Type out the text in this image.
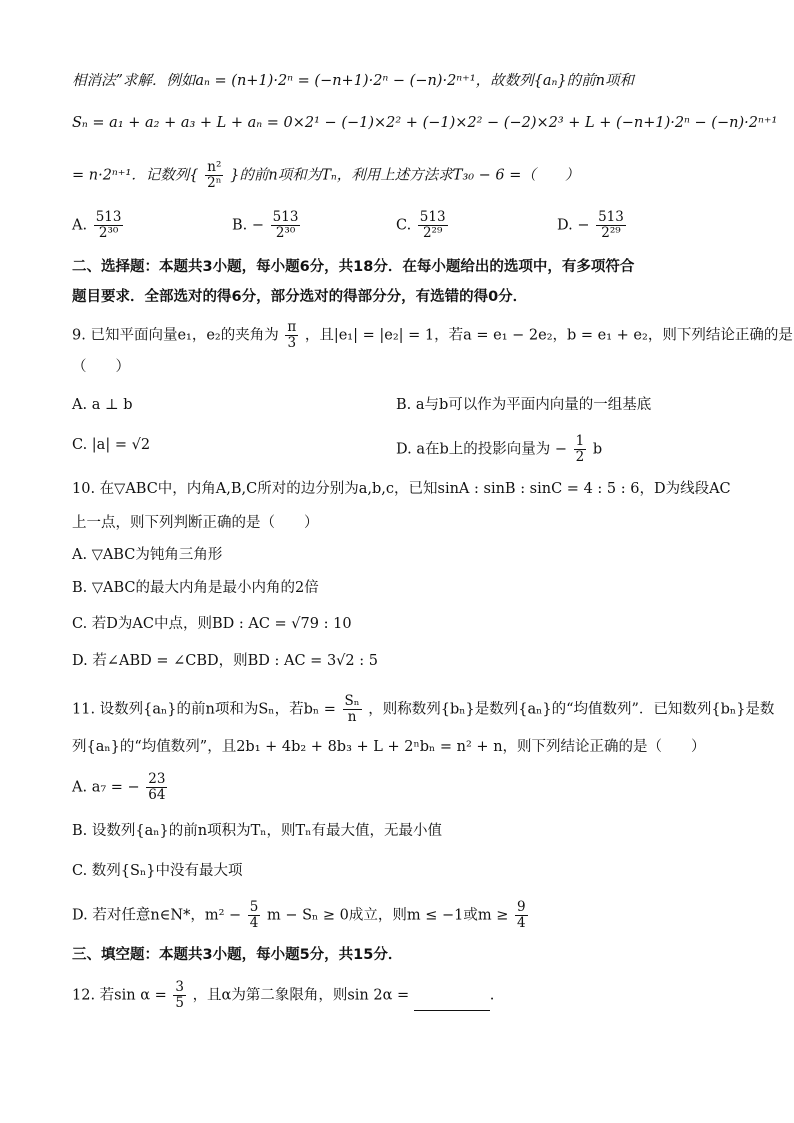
相消法”求解．例如aₙ = (n+1)·2ⁿ = (−n+1)·2ⁿ − (−n)·2ⁿ⁺¹，故数列{aₙ}的前n项和
Sₙ = a₁ + a₂ + a₃ + L + aₙ = 0×2¹ − (−1)×2² + (−1)×2² − (−2)×2³ + L + (−n+1)·2ⁿ − (−n)·2ⁿ⁺¹
= n·2ⁿ⁺¹．记数列{ $\frac{\text{n²}}{\text{2ⁿ}}$ }的前n项和为Tₙ，利用上述方法求T₃₀ − 6 =（　　）
A. $\frac{513}{\text{2³⁰}}$	B. − $\frac{513}{\text{2³⁰}}$	C. $\frac{513}{\text{2²⁹}}$	D. − $\frac{513}{\text{2²⁹}}$
二、选择题：本题共3小题，每小题6分，共18分．在每小题给出的选项中，有多项符合
题目要求．全部选对的得6分，部分选对的得部分分，有选错的得0分．
9. 已知平面向量e₁，e₂的夹角为 $\frac{\pi}{3}$ ，且|e₁| = |e₂| = 1，若a = e₁ − 2e₂，b = e₁ + e₂，则下列结论正确的是
（　　）
A. a ⊥ b	B. a与b可以作为平面内向量的一组基底
C. |a| = √2	D. a在b上的投影向量为 − $\frac{1}{2}$ b
10. 在▽ABC中，内角A,B,C所对的边分别为a,b,c，已知sinA : sinB : sinC = 4 : 5 : 6，D为线段AC
上一点，则下列判断正确的是（　　）
A. ▽ABC为钝角三角形
B. ▽ABC的最大内角是最小内角的2倍
C. 若D为AC中点，则BD : AC = √79 : 10
D. 若∠ABD = ∠CBD，则BD : AC = 3√2 : 5
11. 设数列{aₙ}的前n项和为Sₙ，若$b_n = \frac{\text{Sₙ}}{n}$ ，则称数列{bₙ}是数列{aₙ}的“均值数列”．已知数列{bₙ}是数
列{aₙ}的“均值数列”，且2b₁ + 4b₂ + 8b₃ + L + 2ⁿbₙ = n² + n，则下列结论正确的是（　　）
A. a₇ = − $\frac{23}{64}$
B. 设数列{aₙ}的前n项积为Tₙ，则Tₙ有最大值，无最小值
C. 数列{Sₙ}中没有最大项
D. 若对任意n∈N*，$m^2 - \frac{5}{4}$ m − Sₙ ≥ 0成立，则m ≤ −1或$m \ge \frac{9}{4}$
三、填空题：本题共3小题，每小题5分，共15分．
12. 若$\sin \alpha = \frac{3}{5}$ ，且α为第二象限角，则sin 2α =	.
